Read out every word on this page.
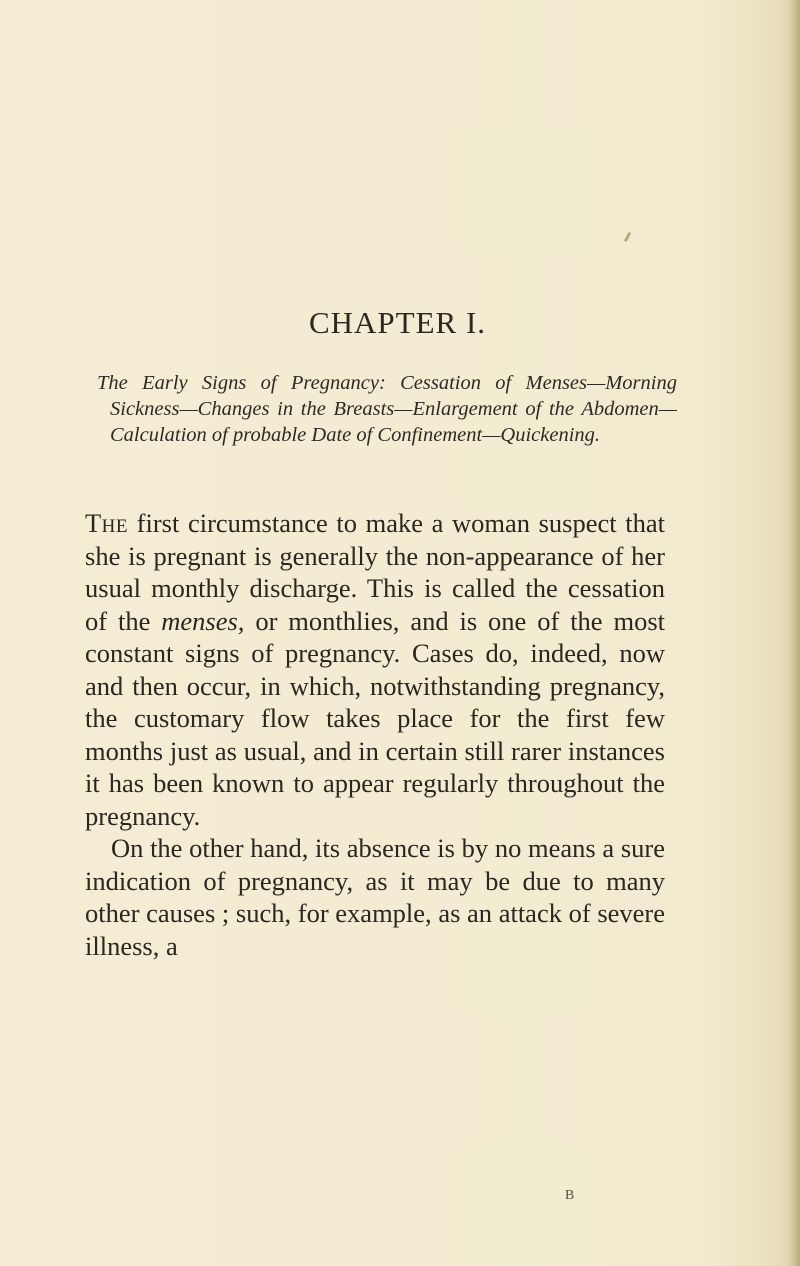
CHAPTER I.
The Early Signs of Pregnancy: Cessation of Menses—Morning Sickness—Changes in the Breasts—Enlargement of the Abdomen—Calculation of probable Date of Confinement—Quickening.

The first circumstance to make a woman suspect that she is pregnant is generally the non-appearance of her usual monthly discharge. This is called the cessation of the menses, or monthlies, and is one of the most constant signs of pregnancy. Cases do, indeed, now and then occur, in which, notwithstanding pregnancy, the customary flow takes place for the first few months just as usual, and in certain still rarer instances it has been known to appear regularly throughout the pregnancy.

On the other hand, its absence is by no means a sure indication of pregnancy, as it may be due to many other causes ; such, for example, as an attack of severe illness, a

B
